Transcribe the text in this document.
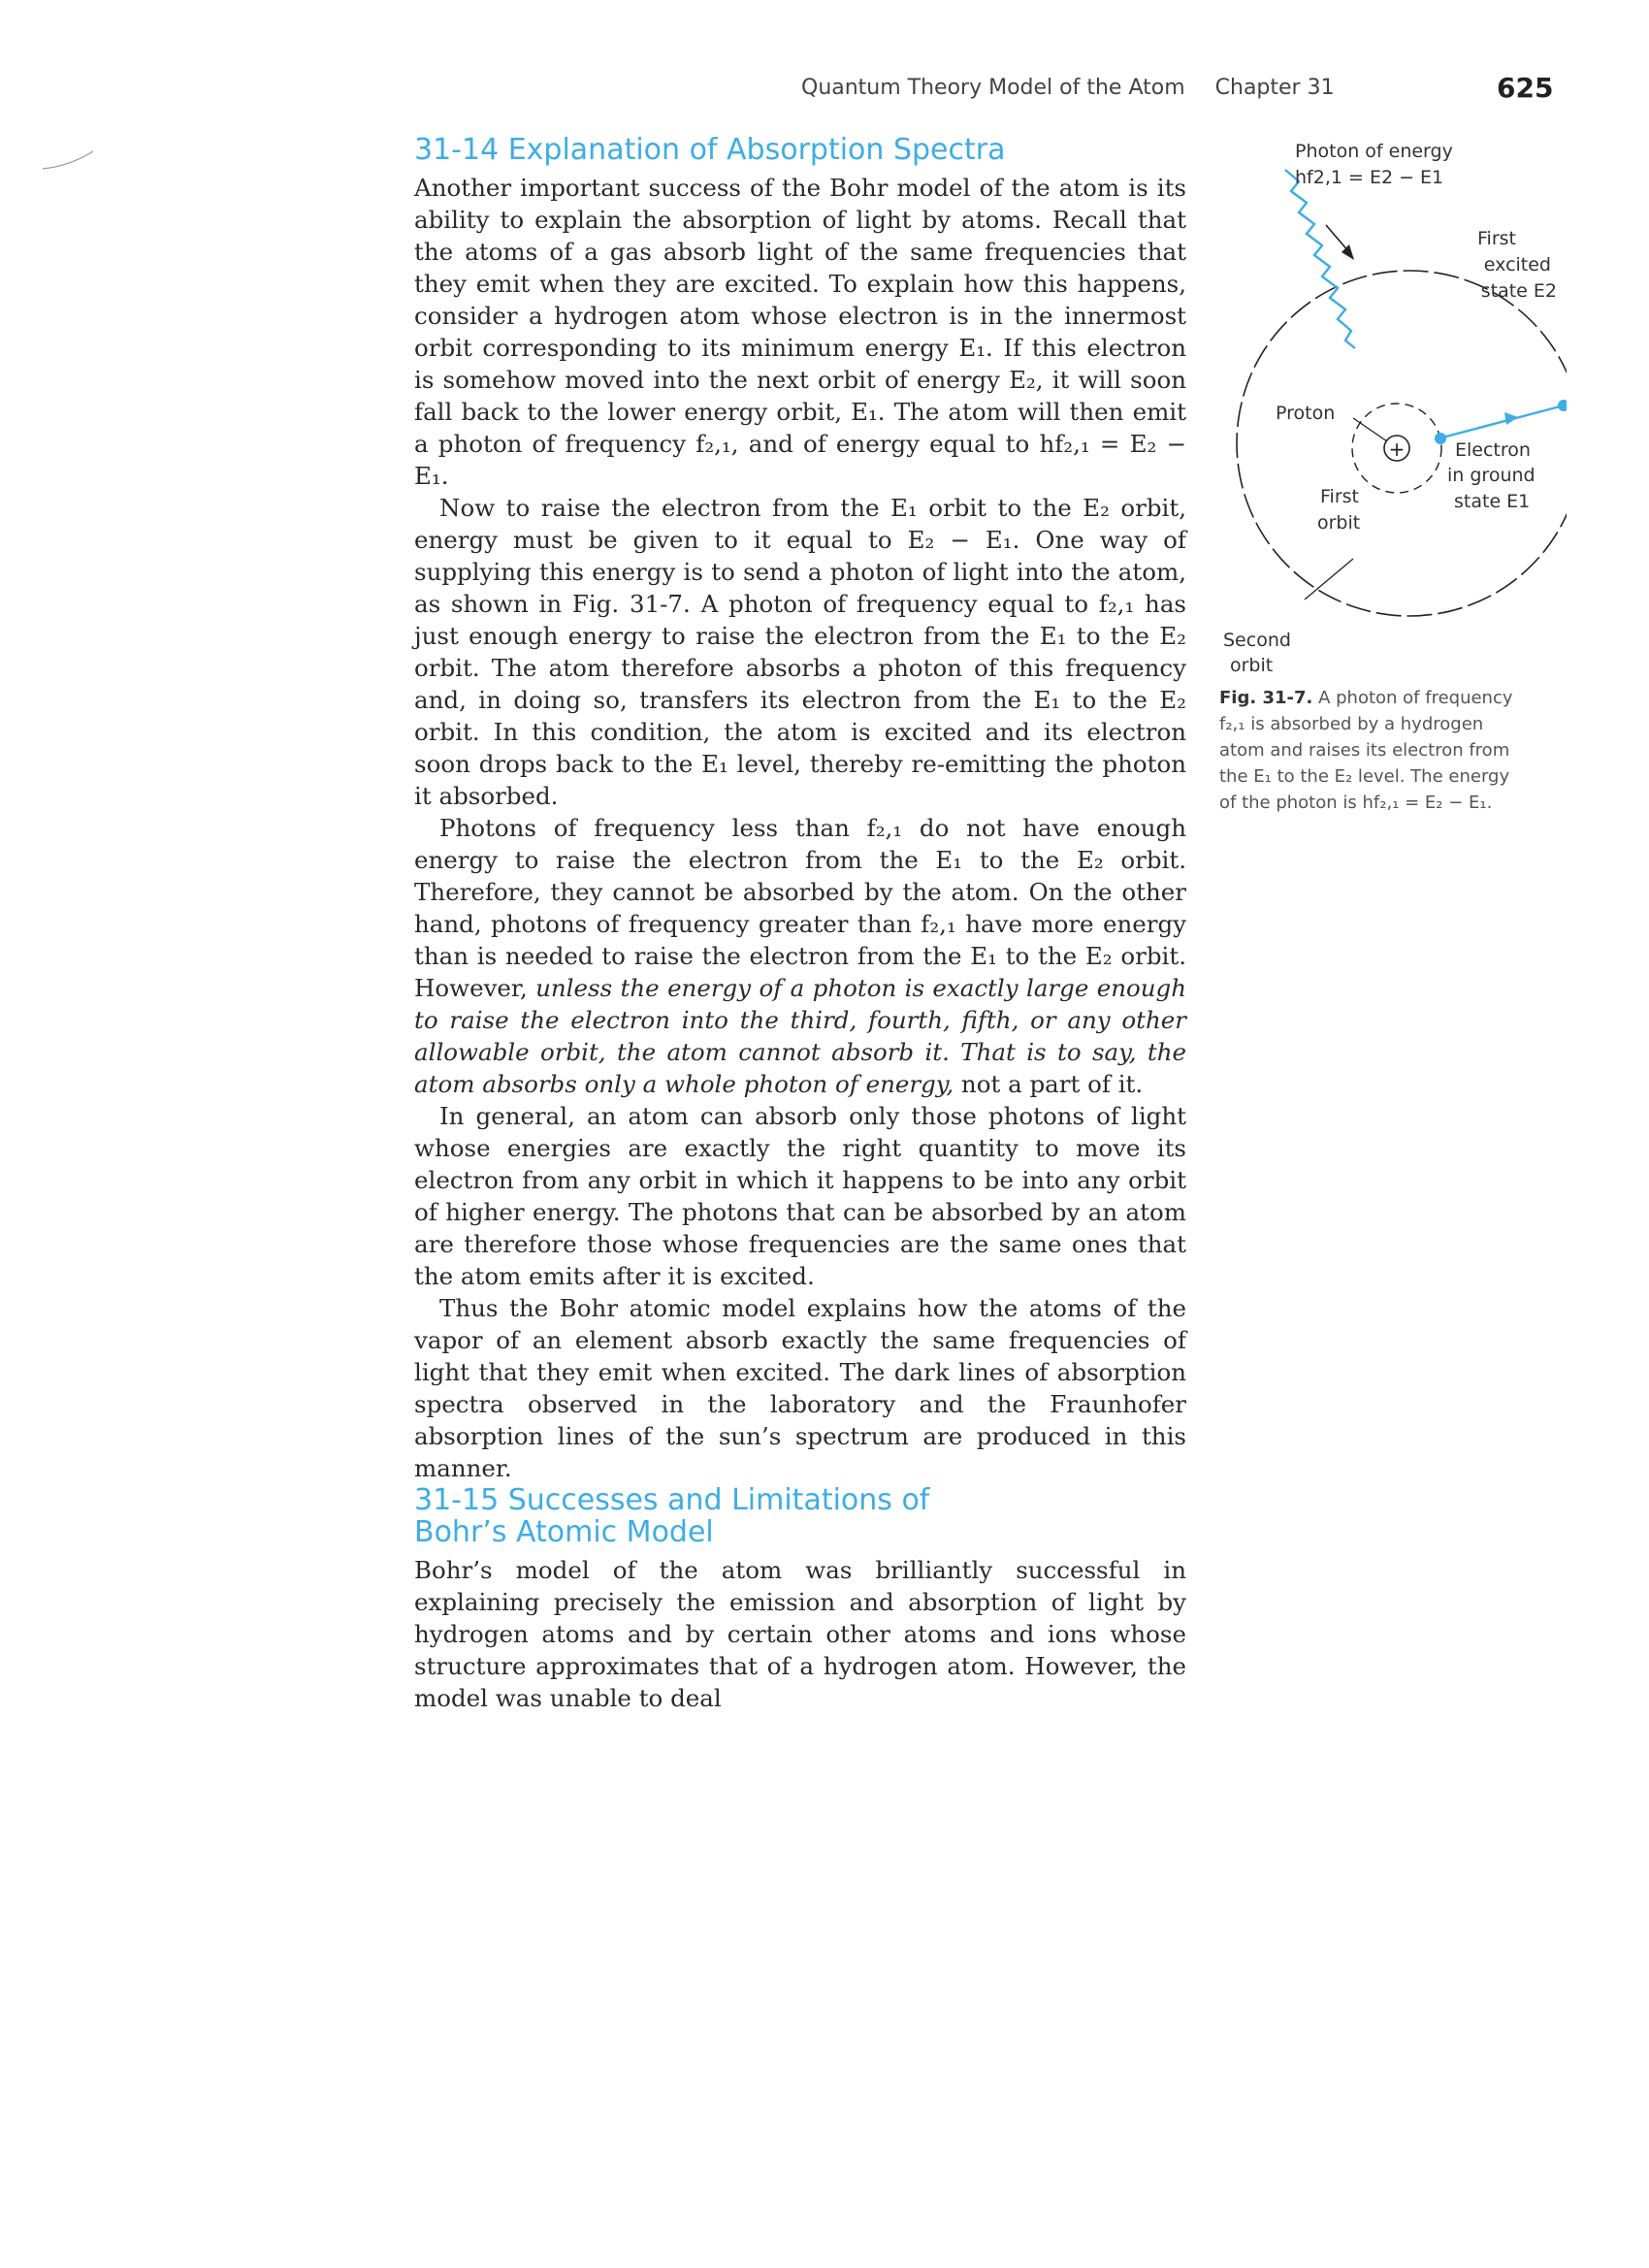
Quantum Theory Model of the Atom Chapter 31	625
31-14 Explanation of Absorption Spectra

Another important success of the Bohr model of the atom is its ability to explain the absorption of light by atoms. Recall that the atoms of a gas absorb light of the same frequencies that they emit when they are excited. To explain how this happens, consider a hydrogen atom whose electron is in the innermost orbit corresponding to its minimum energy E₁. If this electron is somehow moved into the next orbit of energy E₂, it will soon fall back to the lower energy orbit, E₁. The atom will then emit a photon of frequency f₂,₁, and of energy equal to hf₂,₁ = E₂ − E₁.

Now to raise the electron from the E₁ orbit to the E₂ orbit, energy must be given to it equal to E₂ − E₁. One way of supplying this energy is to send a photon of light into the atom, as shown in Fig. 31-7. A photon of frequency equal to f₂,₁ has just enough energy to raise the electron from the E₁ to the E₂ orbit. The atom therefore absorbs a photon of this frequency and, in doing so, transfers its electron from the E₁ to the E₂ orbit. In this condition, the atom is excited and its electron soon drops back to the E₁ level, thereby re-emitting the photon it absorbed.

Photons of frequency less than f₂,₁ do not have enough energy to raise the electron from the E₁ to the E₂ orbit. Therefore, they cannot be absorbed by the atom. On the other hand, photons of frequency greater than f₂,₁ have more energy than is needed to raise the electron from the E₁ to the E₂ orbit. However, unless the energy of a photon is exactly large enough to raise the electron into the third, fourth, fifth, or any other allowable orbit, the atom cannot absorb it. That is to say, the atom absorbs only a whole photon of energy, not a part of it.

In general, an atom can absorb only those photons of light whose energies are exactly the right quantity to move its electron from any orbit in which it happens to be into any orbit of higher energy. The photons that can be absorbed by an atom are therefore those whose frequencies are the same ones that the atom emits after it is excited.

Thus the Bohr atomic model explains how the atoms of the vapor of an element absorb exactly the same frequencies of light that they emit when excited. The dark lines of absorption spectra observed in the laboratory and the Fraunhofer absorption lines of the sun’s spectrum are produced in this manner.

31-15 Successes and Limitations of
Bohr’s Atomic Model

Bohr’s model of the atom was brilliantly successful in explaining precisely the emission and absorption of light by hydrogen atoms and by certain other atoms and ions whose structure approximates that of a hydrogen atom. However, the model was unable to deal

+
Photon of energy
hf2,1 = E2 − E1
First
excited
state E2
Proton
First
orbit
Electron
in ground
state E1
Second
orbit
Fig. 31-7. A photon of frequency f₂,₁ is absorbed by a hydrogen atom and raises its electron from the E₁ to the E₂ level. The energy of the photon is hf₂,₁ = E₂ − E₁.
